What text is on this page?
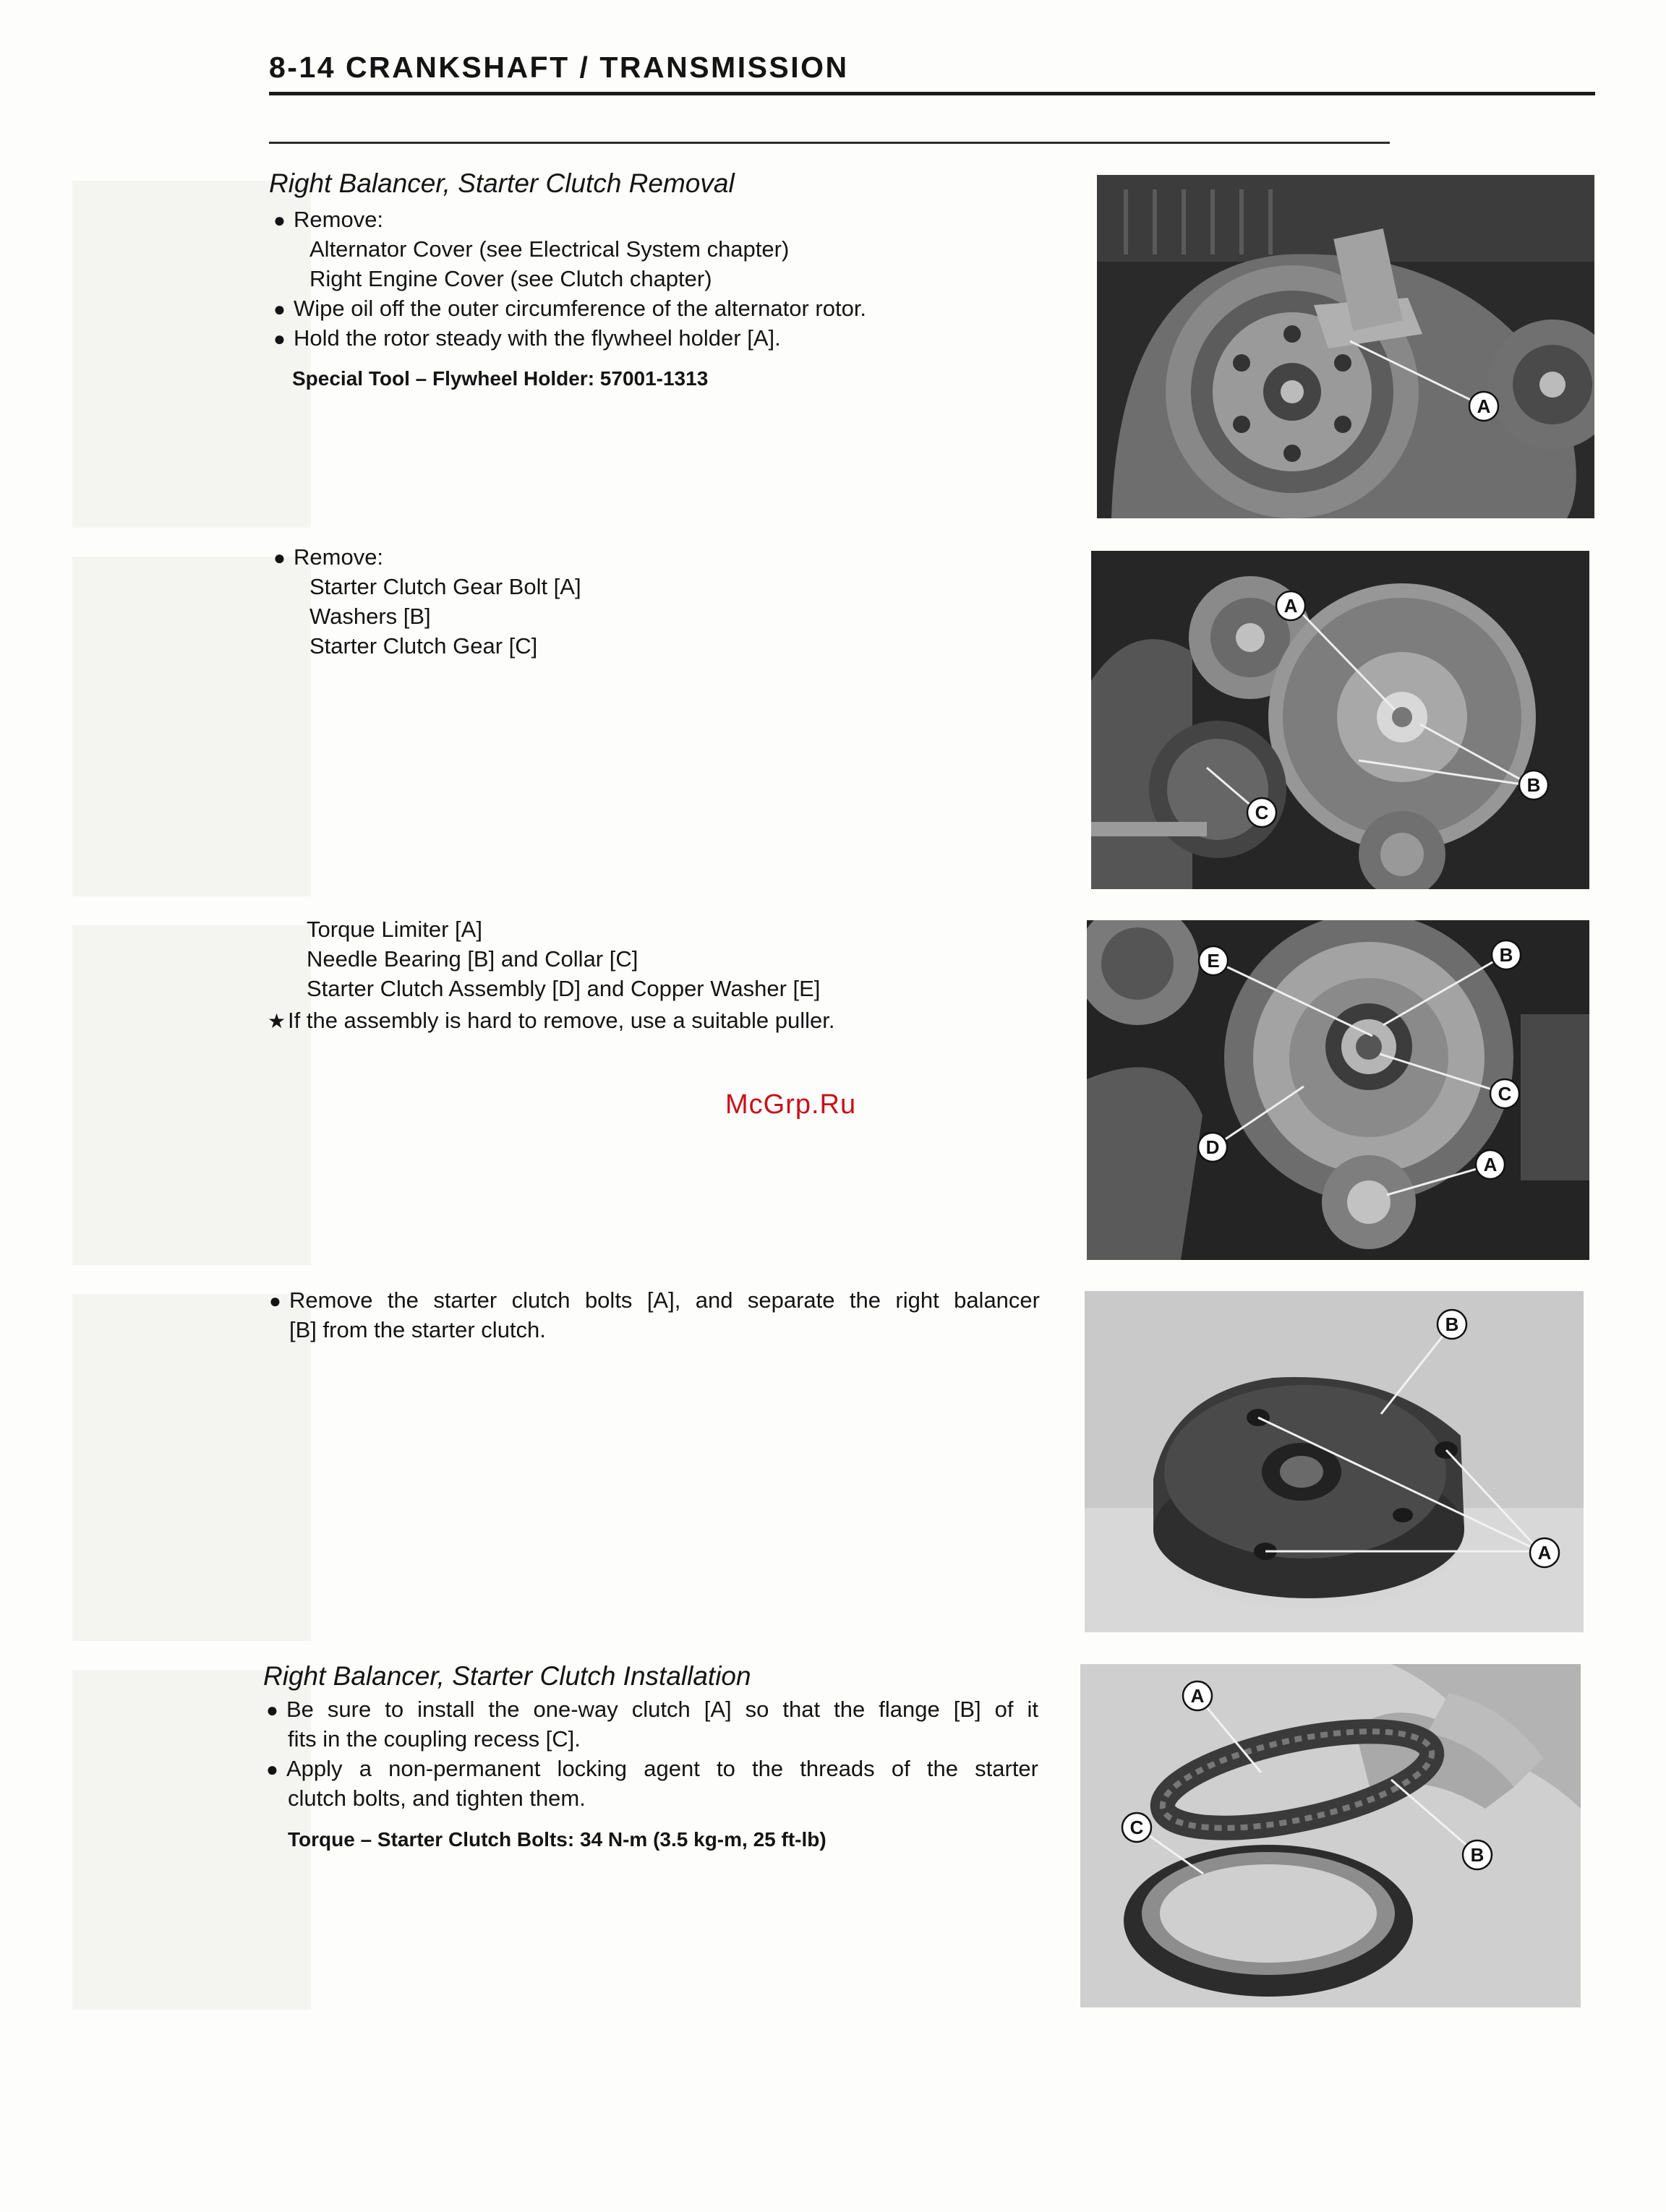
8-14 CRANKSHAFT / TRANSMISSION
Right Balancer, Starter Clutch Removal
● Remove:
Alternator Cover (see Electrical System chapter)
Right Engine Cover (see Clutch chapter)
● Wipe oil off the outer circumference of the alternator rotor.
● Hold the rotor steady with the flywheel holder [A].
Special Tool – Flywheel Holder: 57001-1313
A
● Remove:
Starter Clutch Gear Bolt [A]
Washers [B]
Starter Clutch Gear [C]
A
B
C
Torque Limiter [A]
Needle Bearing [B] and Collar [C]
Starter Clutch Assembly [D] and Copper Washer [E]
★If the assembly is hard to remove, use a suitable puller.
E	B
C
D
A
McGrp.Ru
● Remove the starter clutch bolts [A], and separate the right balancer
[B] from the starter clutch.	B
A
Right Balancer, Starter Clutch Installation
● Be sure to install the one-way clutch [A] so that the flange [B] of it
fits in the coupling recess [C].
● Apply a non-permanent locking agent to the threads of the starter
clutch bolts, and tighten them.
Torque – Starter Clutch Bolts: 34 N-m (3.5 kg-m, 25 ft-lb)
A
C
B
